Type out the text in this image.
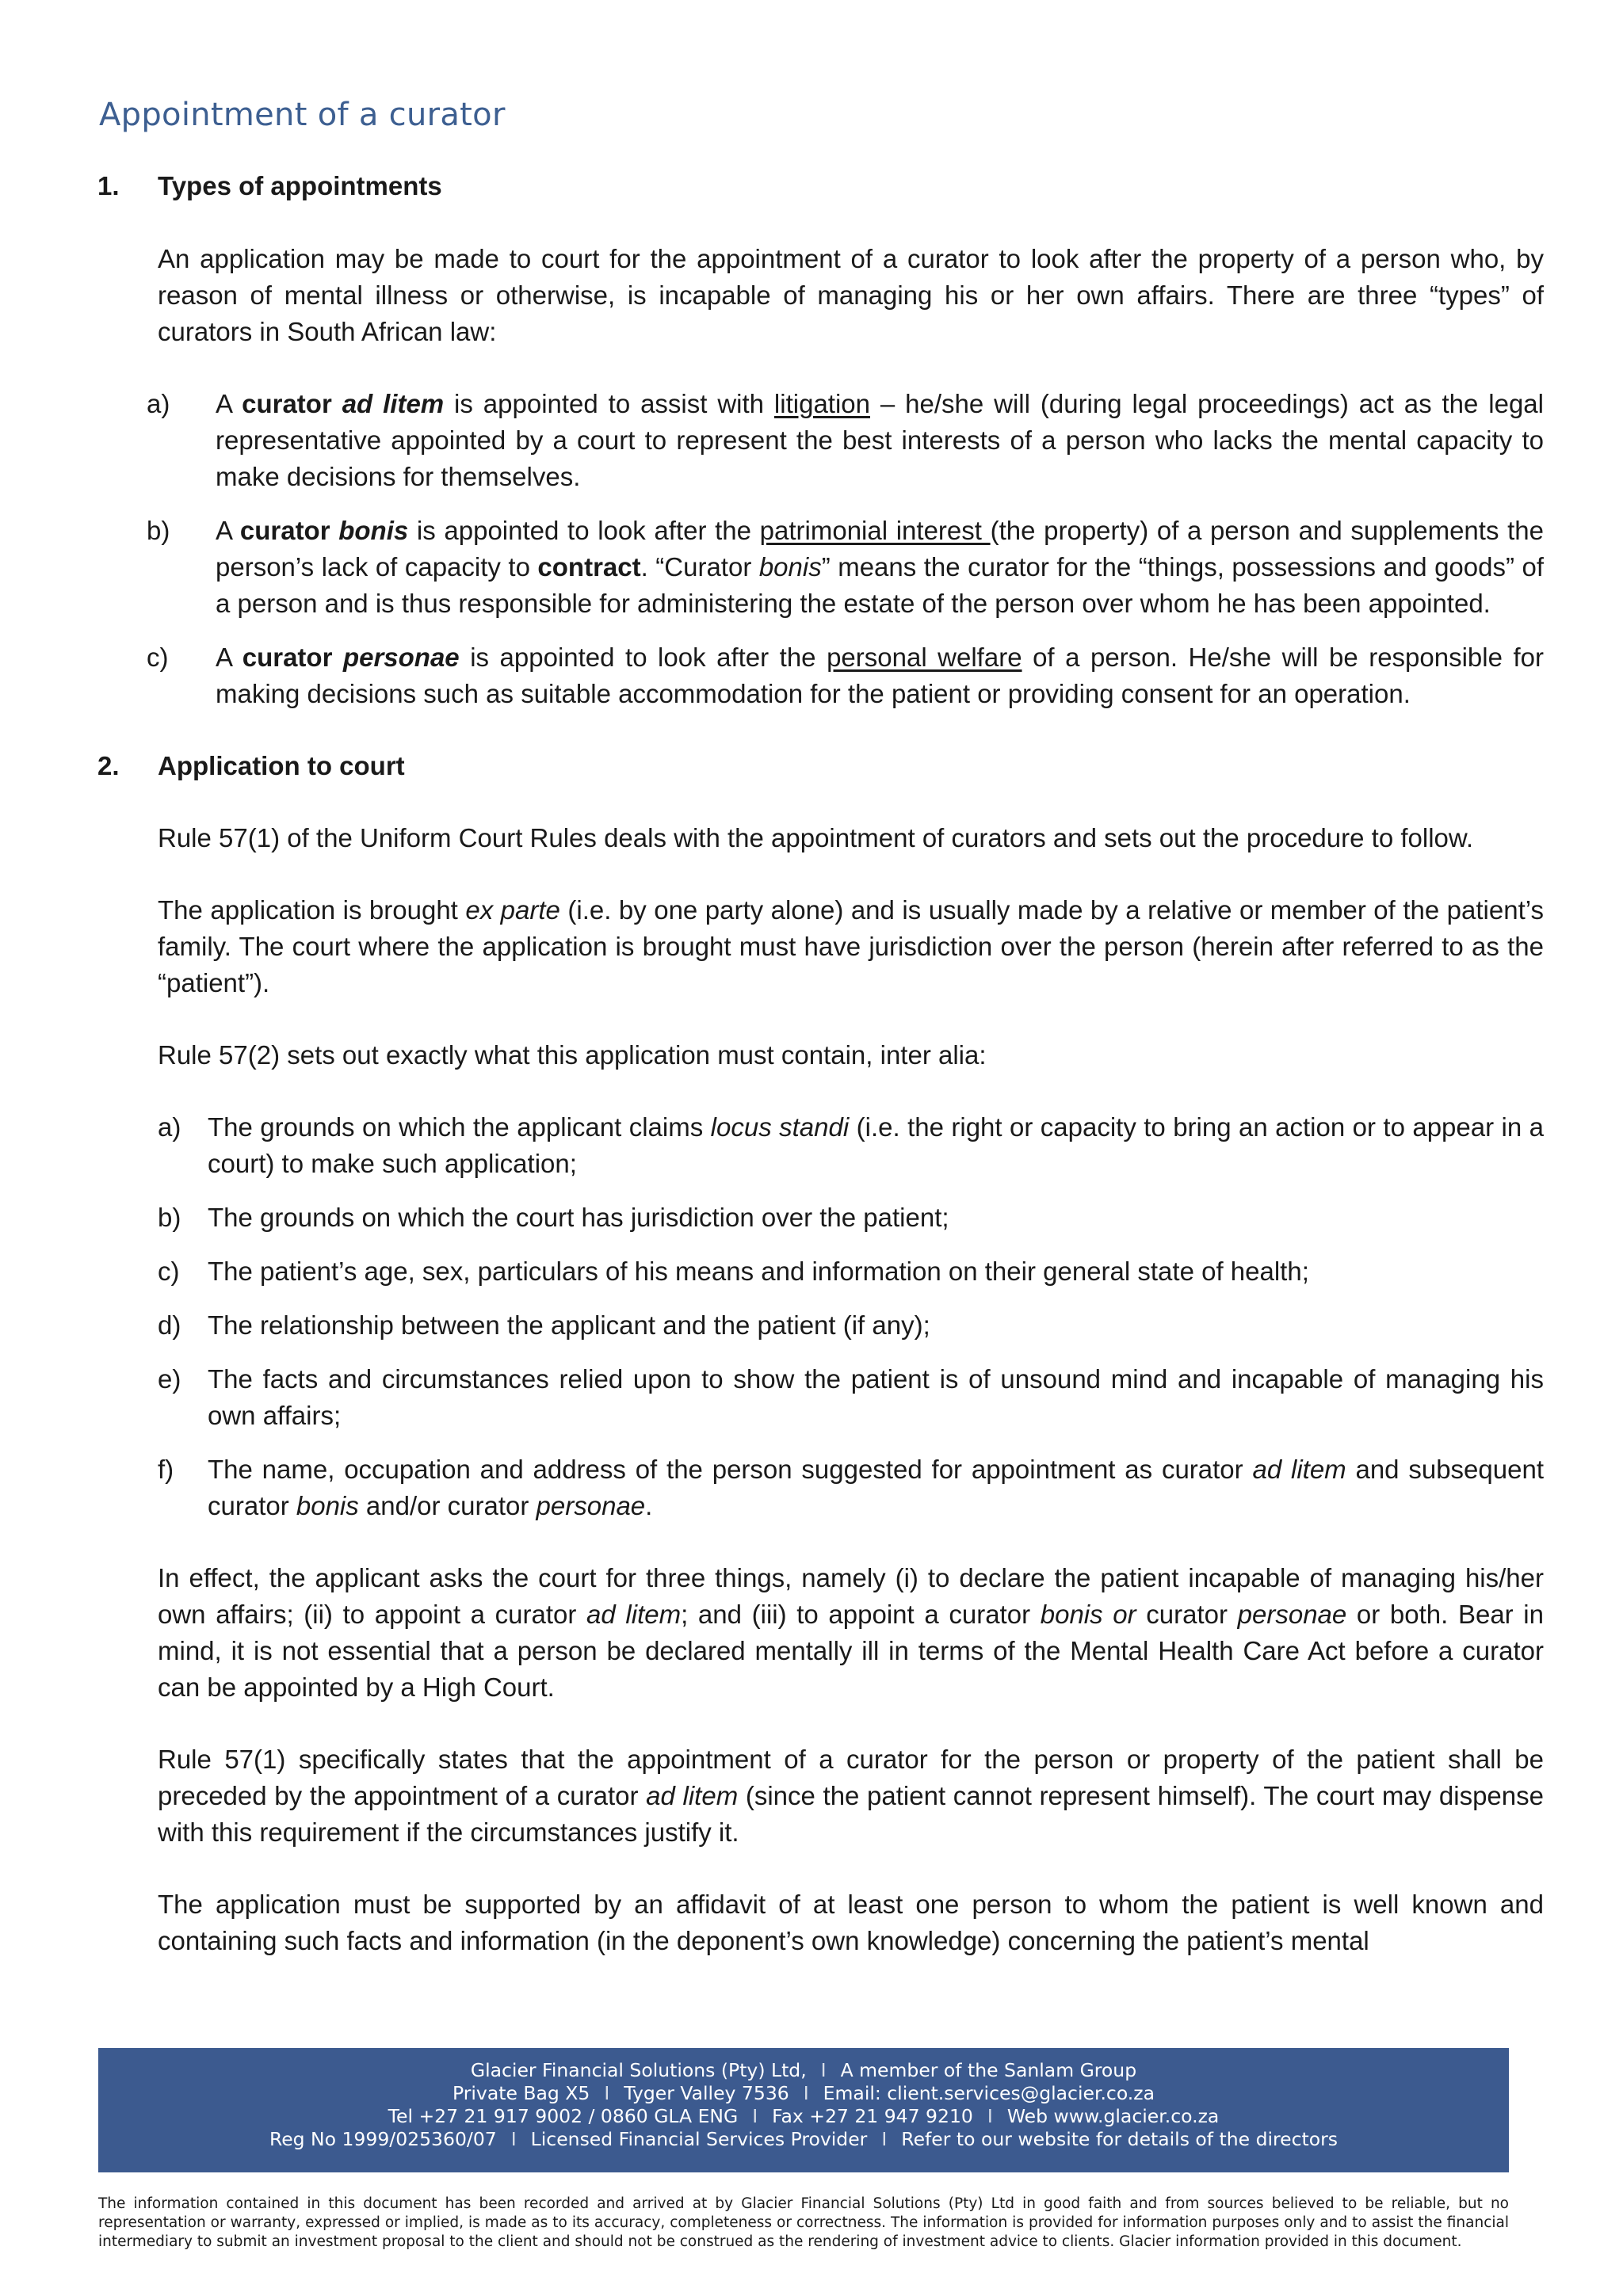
Appointment of a curator
1. Types of appointments

An application may be made to court for the appointment of a curator to look after the property of a person who, by reason of mental illness or otherwise, is incapable of managing his or her own affairs. There are three “types” of curators in South African law:

a) A curator ad litem is appointed to assist with litigation – he/she will (during legal proceedings) act as the legal representative appointed by a court to represent the best interests of a person who lacks the mental capacity to make decisions for themselves.
b) A curator bonis is appointed to look after the patrimonial interest (the property) of a person and supplements the person’s lack of capacity to contract. “Curator bonis” means the curator for the “things, possessions and goods” of a person and is thus responsible for administering the estate of the person over whom he has been appointed.
c) A curator personae is appointed to look after the personal welfare of a person. He/she will be responsible for making decisions such as suitable accommodation for the patient or providing consent for an operation.
2. Application to court

Rule 57(1) of the Uniform Court Rules deals with the appointment of curators and sets out the procedure to follow.

The application is brought ex parte (i.e. by one party alone) and is usually made by a relative or member of the patient’s family. The court where the application is brought must have jurisdiction over the person (herein after referred to as the “patient”).

Rule 57(2) sets out exactly what this application must contain, inter alia:

a) The grounds on which the applicant claims locus standi (i.e. the right or capacity to bring an action or to appear in a court) to make such application;
b) The grounds on which the court has jurisdiction over the patient;
c) The patient’s age, sex, particulars of his means and information on their general state of health;
d) The relationship between the applicant and the patient (if any);
e) The facts and circumstances relied upon to show the patient is of unsound mind and incapable of managing his own affairs;
f) The name, occupation and address of the person suggested for appointment as curator ad litem and subsequent curator bonis and/or curator personae.

In effect, the applicant asks the court for three things, namely (i) to declare the patient incapable of managing his/her own affairs; (ii) to appoint a curator ad litem; and (iii) to appoint a curator bonis or curator personae or both. Bear in mind, it is not essential that a person be declared mentally ill in terms of the Mental Health Care Act before a curator can be appointed by a High Court.

Rule 57(1) specifically states that the appointment of a curator for the person or property of the patient shall be preceded by the appointment of a curator ad litem (since the patient cannot represent himself). The court may dispense with this requirement if the circumstances justify it.

The application must be supported by an affidavit of at least one person to whom the patient is well known and containing such facts and information (in the deponent’s own knowledge) concerning the patient’s mental

Glacier Financial Solutions (Pty) Ltd, I A member of the Sanlam Group
Private Bag X5 I Tyger Valley 7536 I Email: client.services@glacier.co.za
Tel +27 21 917 9002 / 0860 GLA ENG I Fax +27 21 947 9210 I Web www.glacier.co.za
Reg No 1999/025360/07 I Licensed Financial Services Provider I Refer to our website for details of the directors

The information contained in this document has been recorded and arrived at by Glacier Financial Solutions (Pty) Ltd in good faith and from sources believed to be reliable, but no representation or warranty, expressed or implied, is made as to its accuracy, completeness or correctness. The information is provided for information purposes only and to assist the financial intermediary to submit an investment proposal to the client and should not be construed as the rendering of investment advice to clients. Glacier information provided in this document.
